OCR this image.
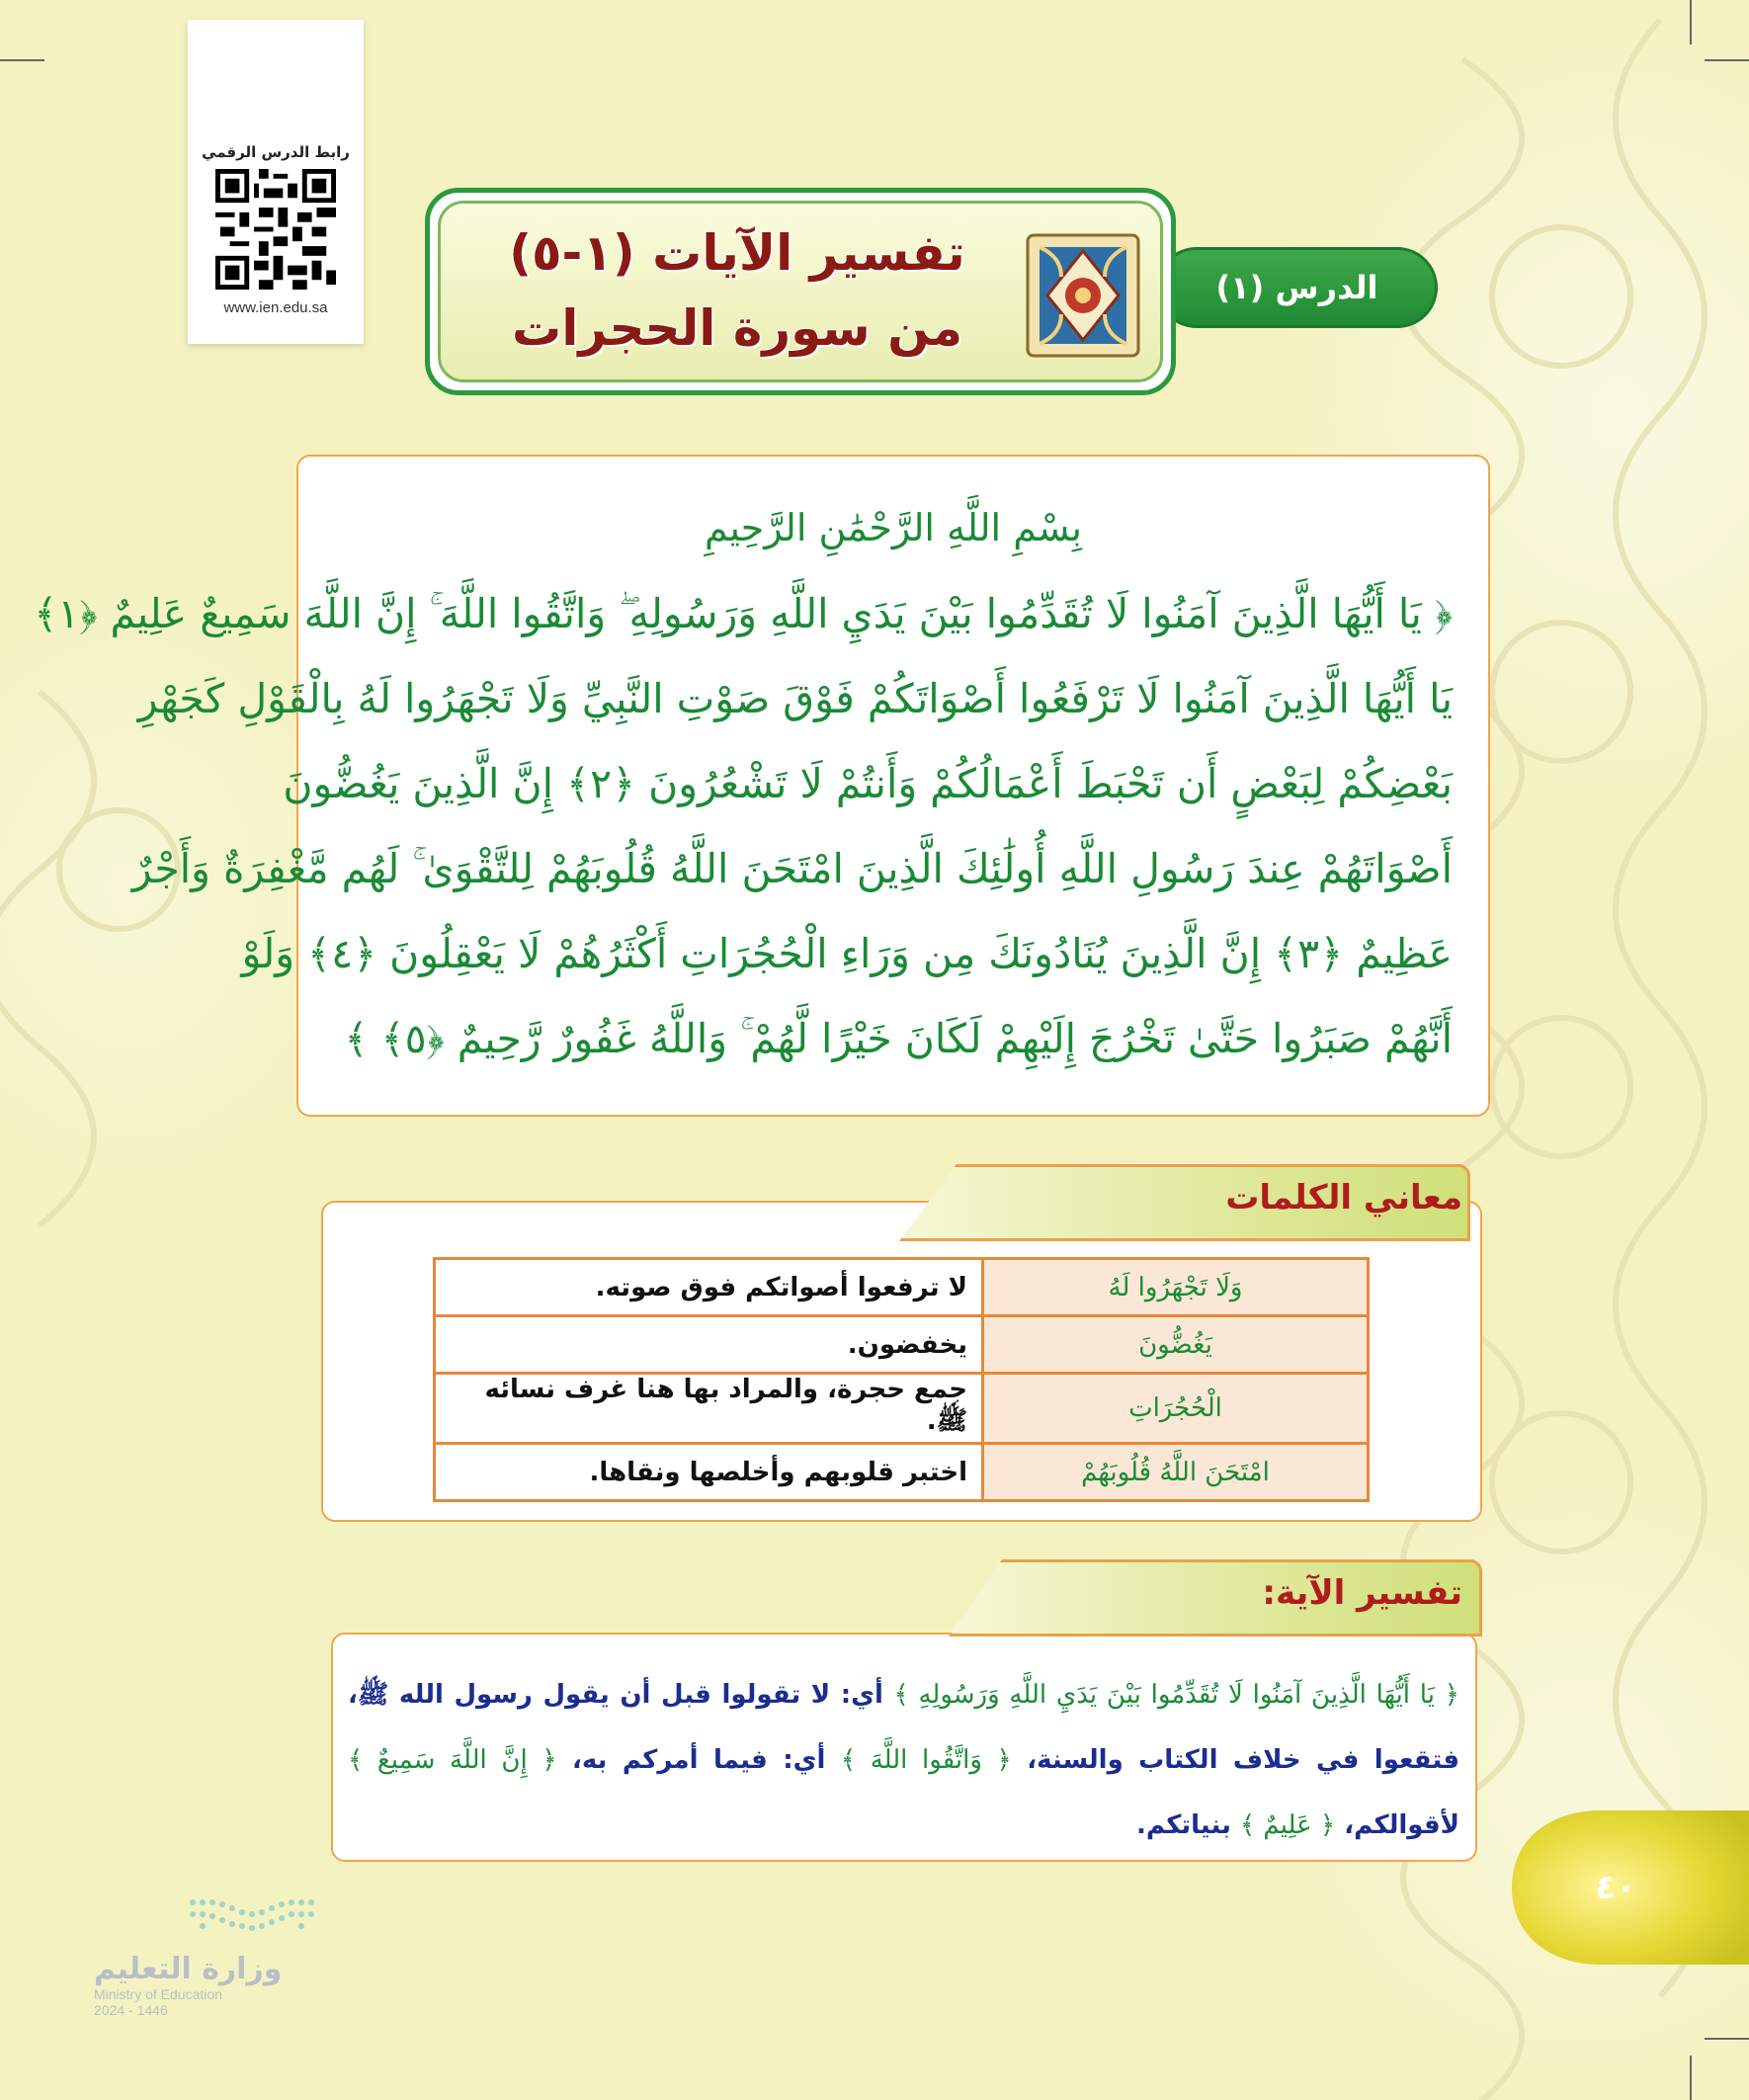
رابط الدرس الرقمي
www.ien.edu.sa
الدرس (١)
تفسير الآيات (١-٥)
من سورة الحجرات
بِسْمِ اللَّهِ الرَّحْمَٰنِ الرَّحِيمِ
﴿ يَا أَيُّهَا الَّذِينَ آمَنُوا لَا تُقَدِّمُوا بَيْنَ يَدَيِ اللَّهِ وَرَسُولِهِ ۖ وَاتَّقُوا اللَّهَ ۚ إِنَّ اللَّهَ سَمِيعٌ عَلِيمٌ ﴿١﴾
يَا أَيُّهَا الَّذِينَ آمَنُوا لَا تَرْفَعُوا أَصْوَاتَكُمْ فَوْقَ صَوْتِ النَّبِيِّ وَلَا تَجْهَرُوا لَهُ بِالْقَوْلِ كَجَهْرِ
بَعْضِكُمْ لِبَعْضٍ أَن تَحْبَطَ أَعْمَالُكُمْ وَأَنتُمْ لَا تَشْعُرُونَ ﴿٢﴾ إِنَّ الَّذِينَ يَغُضُّونَ
أَصْوَاتَهُمْ عِندَ رَسُولِ اللَّهِ أُولَٰئِكَ الَّذِينَ امْتَحَنَ اللَّهُ قُلُوبَهُمْ لِلتَّقْوَىٰ ۚ لَهُم مَّغْفِرَةٌ وَأَجْرٌ
عَظِيمٌ ﴿٣﴾ إِنَّ الَّذِينَ يُنَادُونَكَ مِن وَرَاءِ الْحُجُرَاتِ أَكْثَرُهُمْ لَا يَعْقِلُونَ ﴿٤﴾ وَلَوْ
أَنَّهُمْ صَبَرُوا حَتَّىٰ تَخْرُجَ إِلَيْهِمْ لَكَانَ خَيْرًا لَّهُمْ ۚ وَاللَّهُ غَفُورٌ رَّحِيمٌ ﴿٥﴾ ﴾
معاني الكلمات
وَلَا تَجْهَرُوا لَهُ	لا ترفعوا أصواتكم فوق صوته.
يَغُضُّونَ	يخفضون.
الْحُجُرَاتِ	جمع حجرة، والمراد بها هنا غرف نسائه ﷺ.
امْتَحَنَ اللَّهُ قُلُوبَهُمْ	اختبر قلوبهم وأخلصها ونقاها.
تفسير الآية:
﴿ يَا أَيُّهَا الَّذِينَ آمَنُوا لَا تُقَدِّمُوا بَيْنَ يَدَيِ اللَّهِ وَرَسُولِهِ ﴾ أي: لا تقولوا قبل أن يقول رسول الله ﷺ، فتقعوا في خلاف الكتاب والسنة، ﴿ وَاتَّقُوا اللَّهَ ﴾ أي: فيما أمركم به، ﴿ إِنَّ اللَّهَ سَمِيعٌ ﴾ لأقوالكم، ﴿ عَلِيمٌ ﴾ بنياتكم.
٤٠
وزارة التعليم
Ministry of Education
2024 - 1446
